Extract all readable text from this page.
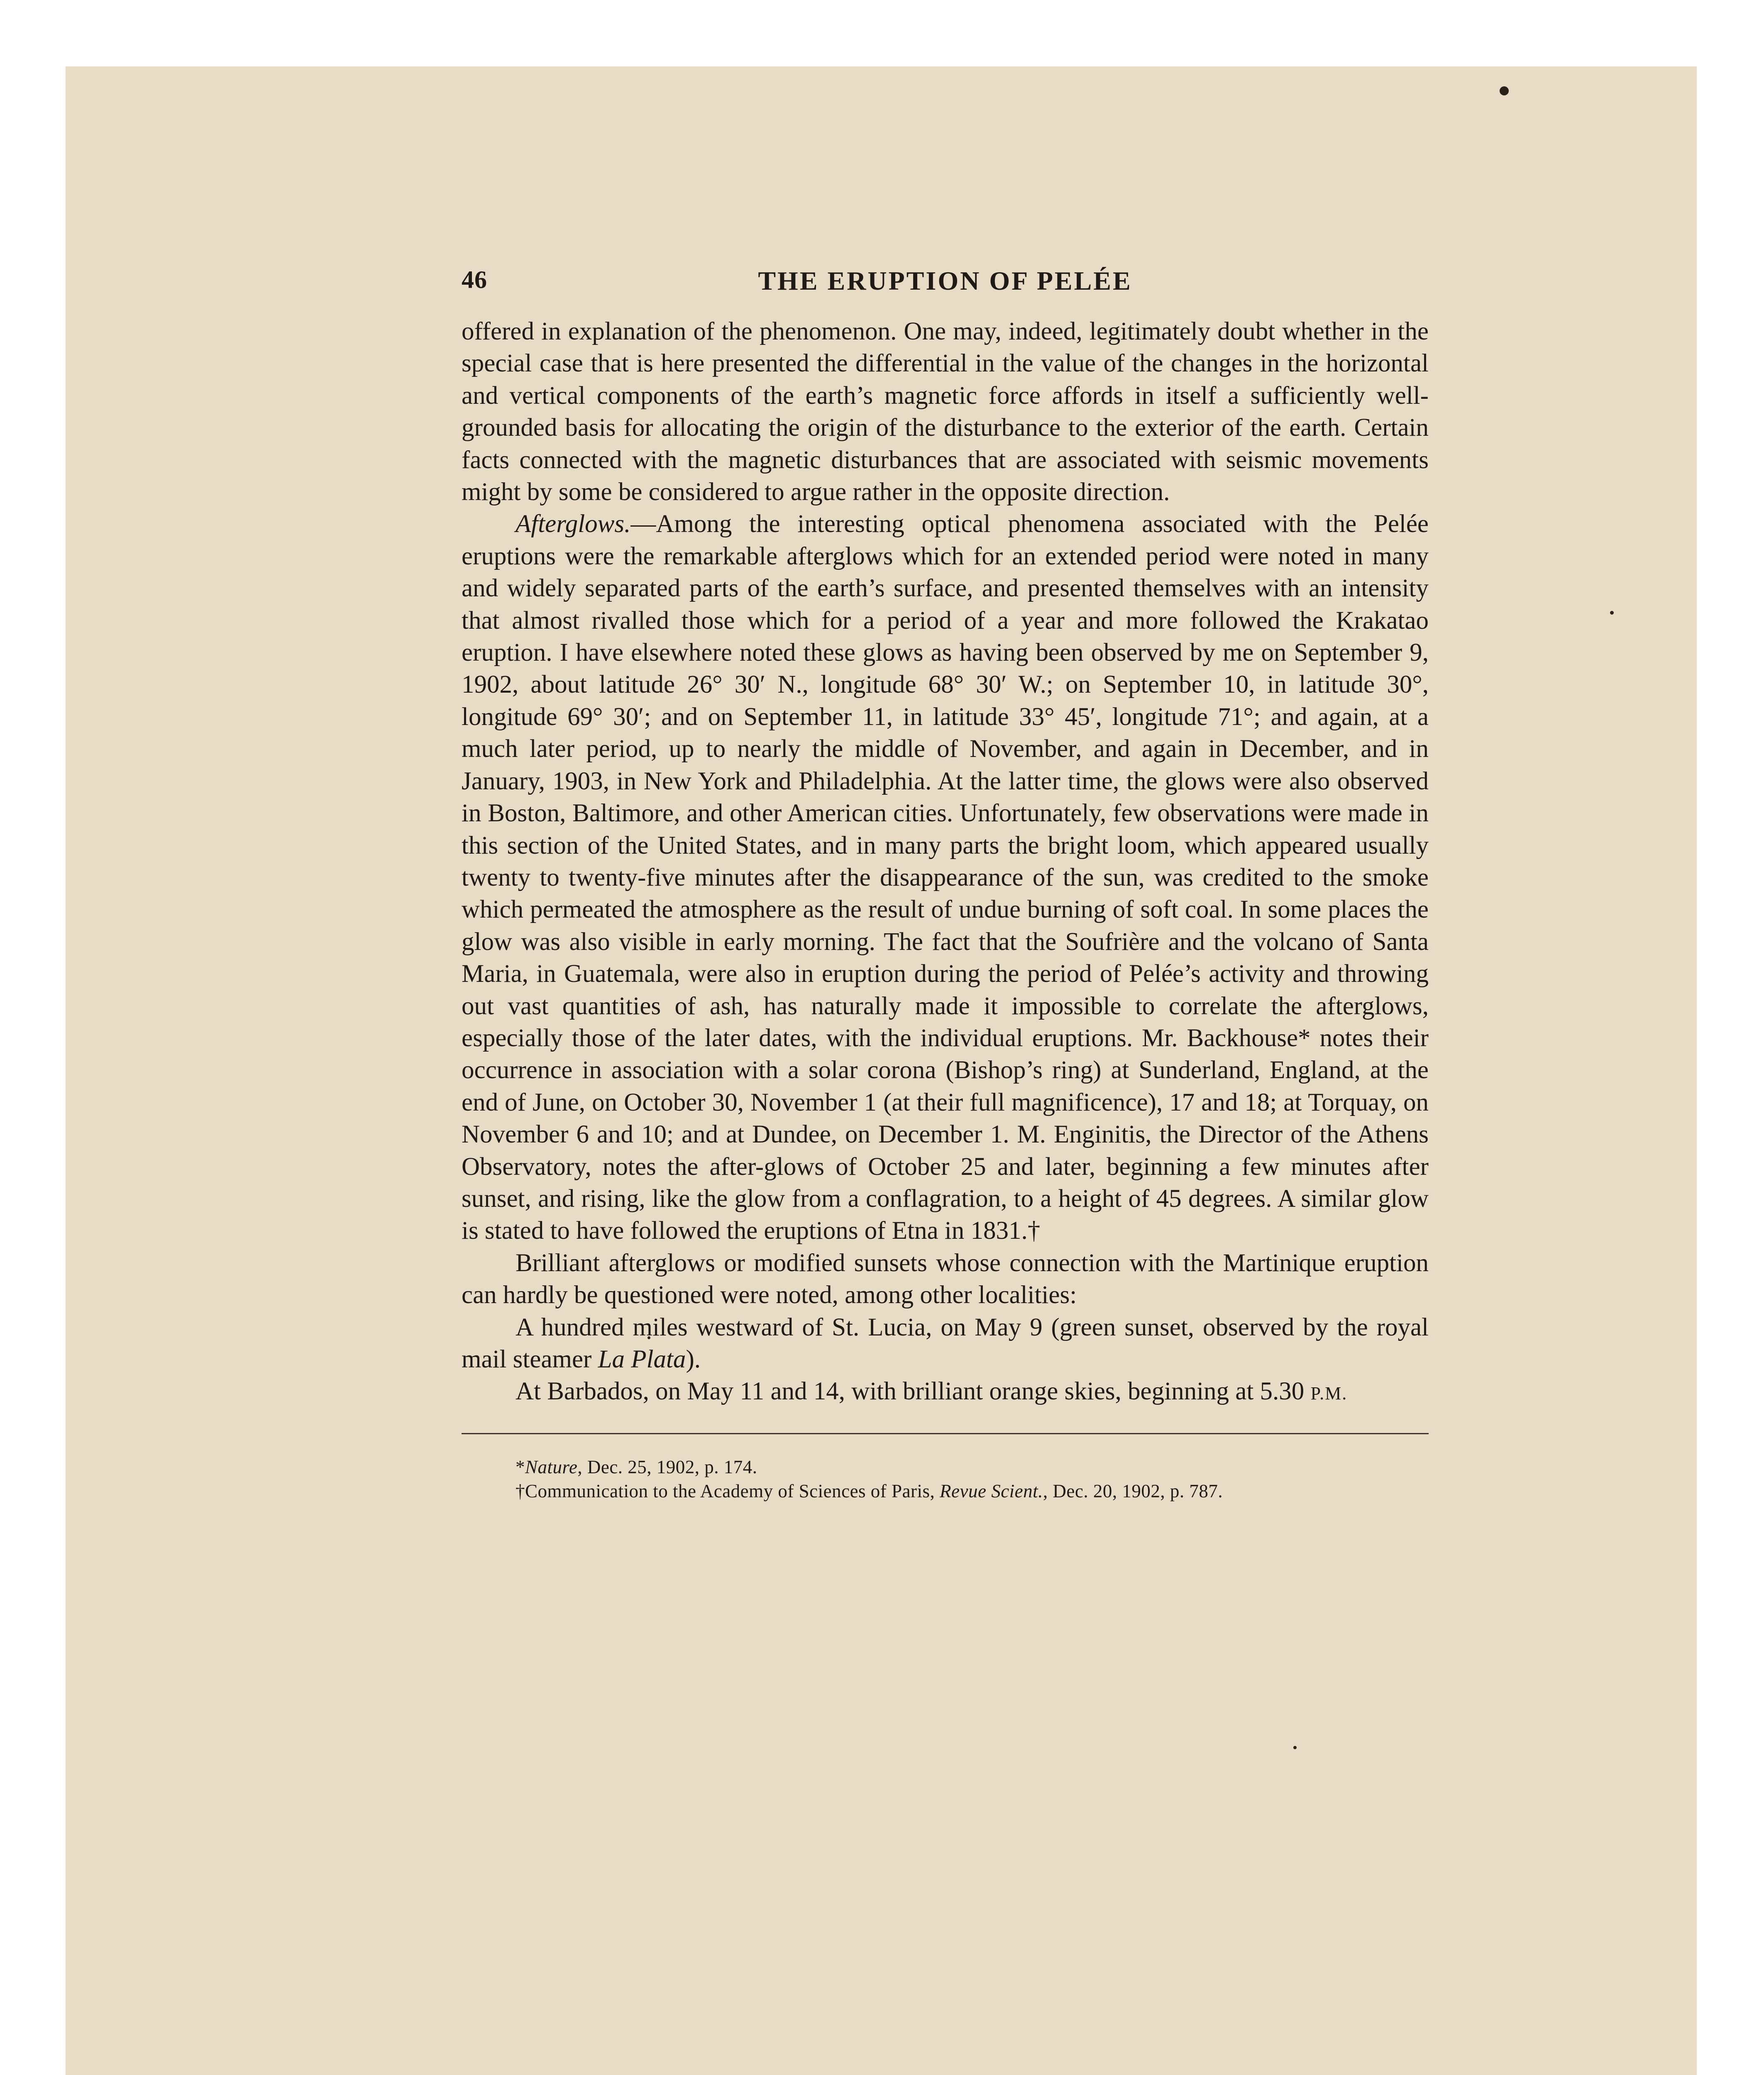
46	THE ERUPTION OF PELÉE

offered in explanation of the phenomenon. One may, indeed, legitimately doubt whether in the special case that is here presented the differential in the value of the changes in the horizontal and vertical components of the earth’s magnetic force affords in itself a sufficiently well-grounded basis for allocating the origin of the disturbance to the exterior of the earth. Certain facts connected with the magnetic disturbances that are associated with seismic movements might by some be considered to argue rather in the opposite direction.

Afterglows.—Among the interesting optical phenomena associated with the Pelée eruptions were the remarkable afterglows which for an extended period were noted in many and widely separated parts of the earth’s surface, and presented themselves with an intensity that almost rivalled those which for a period of a year and more followed the Krakatao eruption. I have elsewhere noted these glows as having been observed by me on September 9, 1902, about latitude 26° 30′ N., longitude 68° 30′ W.; on September 10, in latitude 30°, longitude 69° 30′; and on September 11, in latitude 33° 45′, longitude 71°; and again, at a much later period, up to nearly the middle of November, and again in December, and in January, 1903, in New York and Philadelphia. At the latter time, the glows were also observed in Boston, Baltimore, and other American cities. Unfortunately, few observations were made in this section of the United States, and in many parts the bright loom, which appeared usually twenty to twenty-five minutes after the disappearance of the sun, was credited to the smoke which permeated the atmosphere as the result of undue burning of soft coal. In some places the glow was also visible in early morning. The fact that the Soufrière and the volcano of Santa Maria, in Guatemala, were also in eruption during the period of Pelée’s activity and throwing out vast quantities of ash, has naturally made it impossible to correlate the afterglows, especially those of the later dates, with the individual eruptions. Mr. Backhouse* notes their occurrence in association with a solar corona (Bishop’s ring) at Sunderland, England, at the end of June, on October 30, November 1 (at their full magnificence), 17 and 18; at Torquay, on November 6 and 10; and at Dundee, on December 1. M. Enginitis, the Director of the Athens Observatory, notes the after-glows of October 25 and later, beginning a few minutes after sunset, and rising, like the glow from a conflagration, to a height of 45 degrees. A similar glow is stated to have followed the eruptions of Etna in 1831.†

Brilliant afterglows or modified sunsets whose connection with the Martinique eruption can hardly be questioned were noted, among other localities:

A hundred miles westward of St. Lucia, on May 9 (green sunset, observed by the royal mail steamer La Plata).

At Barbados, on May 11 and 14, with brilliant orange skies, beginning at 5.30 P.M.

*Nature, Dec. 25, 1902, p. 174.

†Communication to the Academy of Sciences of Paris, Revue Scient., Dec. 20, 1902, p. 787.
